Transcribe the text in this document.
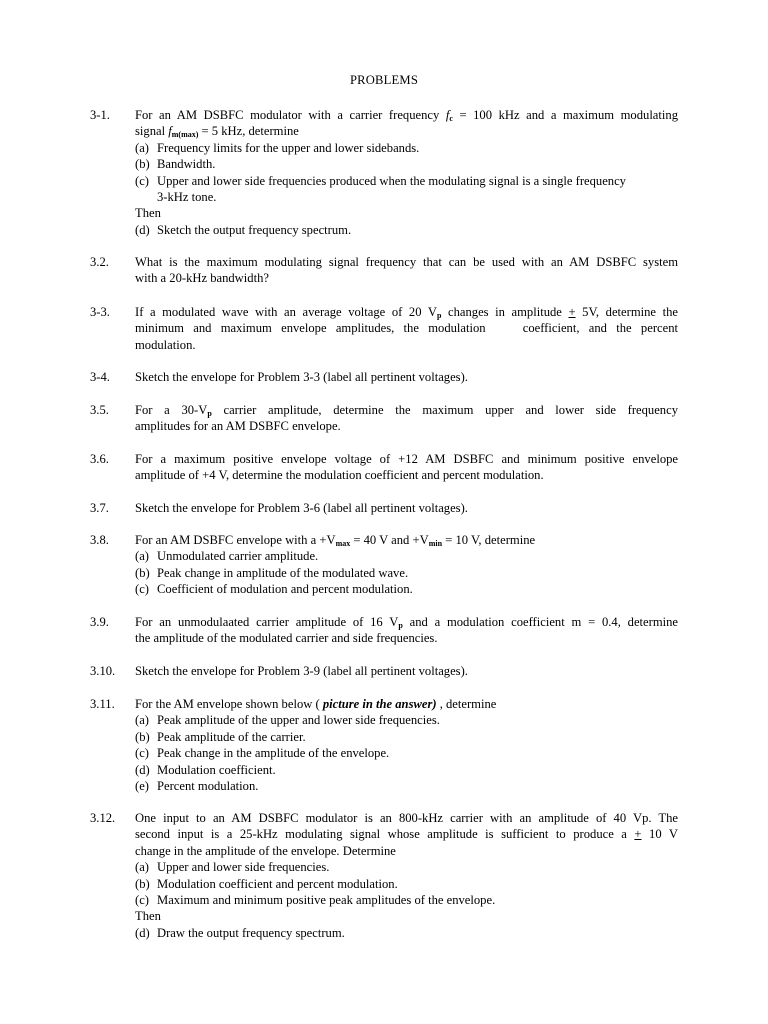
PROBLEMS
3-1.	For an AM DSBFC modulator with a carrier frequency $f_c = 100$ kHz and a maximum modulating
signal $f_{m(max)} = 5$ kHz, determine
(a) Frequency limits for the upper and lower sidebands.
(b) Bandwidth.
(c) Upper and lower side frequencies produced when the modulating signal is a single frequency
3-kHz tone.
Then
(d) Sketch the output frequency spectrum.
3.2.	What is the maximum modulating signal frequency that can be used with an AM DSBFC system
with a 20-kHz bandwidth?
3-3.	If a modulated wave with an average voltage of 20 $V_p$ changes in amplitude + 5V, determine the
minimum and maximum envelope amplitudes, the modulation    coefficient, and the percent
modulation.
3-4.	Sketch the envelope for Problem 3-3 (label all pertinent voltages).
3.5.	For a $30-V_p$ carrier amplitude, determine the maximum upper and lower side frequency
amplitudes for an AM DSBFC envelope.
3.6.	For a maximum positive envelope voltage of +12 AM DSBFC and minimum positive envelope
amplitude of +4 V, determine the modulation coefficient and percent modulation.
3.7.	Sketch the envelope for Problem 3-6 (label all pertinent voltages).
3.8.	For an AM DSBFC envelope with $a +V_{max} = 40$ V and $+V_{min} = 10$ V, determine
(a) Unmodulated carrier amplitude.
(b) Peak change in amplitude of the modulated wave.
(c) Coefficient of modulation and percent modulation.
3.9.	For an unmodulaated carrier amplitude of 16 $V_p$ and a modulation coefficient m = 0.4, determine
the amplitude of the modulated carrier and side frequencies.
3.10.	Sketch the envelope for Problem 3-9 (label all pertinent voltages).
3.11.	For the AM envelope shown below ( picture in the answer) , determine
(a) Peak amplitude of the upper and lower side frequencies.
(b) Peak amplitude of the carrier.
(c) Peak change in the amplitude of the envelope.
(d) Modulation coefficient.
(e) Percent modulation.
3.12.	One input to an AM DSBFC modulator is an 800-kHz carrier with an amplitude of 40 Vp. The
second input is a 25-kHz modulating signal whose amplitude is sufficient to produce a + 10 V
change in the amplitude of the envelope. Determine
(a) Upper and lower side frequencies.
(b) Modulation coefficient and percent modulation.
(c) Maximum and minimum positive peak amplitudes of the envelope.
Then
(d) Draw the output frequency spectrum.
